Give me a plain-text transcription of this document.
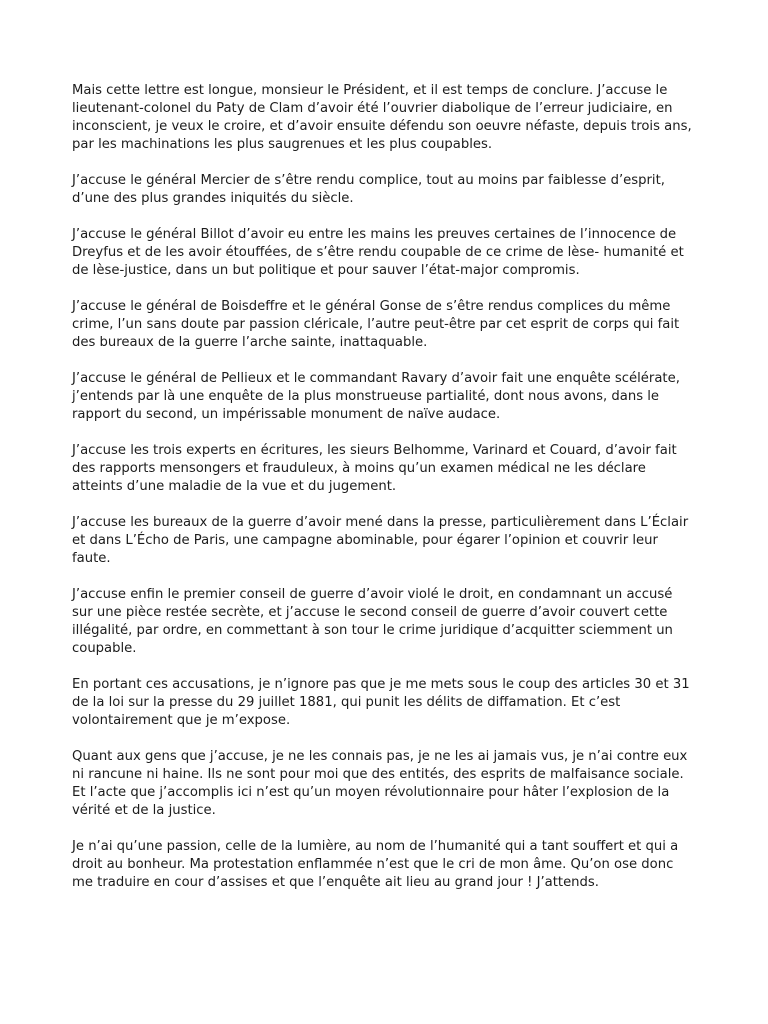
Mais cette lettre est longue, monsieur le Président, et il est temps de conclure. J’accuse le lieutenant-colonel du Paty de Clam d’avoir été l’ouvrier diabolique de l’erreur judiciaire, en inconscient, je veux le croire, et d’avoir ensuite défendu son oeuvre néfaste, depuis trois ans, par les machinations les plus saugrenues et les plus coupables.

J’accuse le général Mercier de s’être rendu complice, tout au moins par faiblesse d’esprit, d’une des plus grandes iniquités du siècle.

J’accuse le général Billot d’avoir eu entre les mains les preuves certaines de l’innocence de Dreyfus et de les avoir étouffées, de s’être rendu coupable de ce crime de lèse- humanité et de lèse-justice, dans un but politique et pour sauver l’état-major compromis.

J’accuse le général de Boisdeffre et le général Gonse de s’être rendus complices du même crime, l’un sans doute par passion cléricale, l’autre peut-être par cet esprit de corps qui fait des bureaux de la guerre l’arche sainte, inattaquable.

J’accuse le général de Pellieux et le commandant Ravary d’avoir fait une enquête scélérate, j’entends par là une enquête de la plus monstrueuse partialité, dont nous avons, dans le rapport du second, un impérissable monument de naïve audace.

J’accuse les trois experts en écritures, les sieurs Belhomme, Varinard et Couard, d’avoir fait des rapports mensongers et frauduleux, à moins qu’un examen médical ne les déclare atteints d’une maladie de la vue et du jugement.

J’accuse les bureaux de la guerre d’avoir mené dans la presse, particulièrement dans L’Éclair et dans L’Écho de Paris, une campagne abominable, pour égarer l’opinion et couvrir leur faute.

J’accuse enfin le premier conseil de guerre d’avoir violé le droit, en condamnant un accusé sur une pièce restée secrète, et j’accuse le second conseil de guerre d’avoir couvert cette illégalité, par ordre, en commettant à son tour le crime juridique d’acquitter sciemment un coupable.

En portant ces accusations, je n’ignore pas que je me mets sous le coup des articles 30 et 31 de la loi sur la presse du 29 juillet 1881, qui punit les délits de diffamation. Et c’est volontairement que je m’expose.

Quant aux gens que j’accuse, je ne les connais pas, je ne les ai jamais vus, je n’ai contre eux ni rancune ni haine. Ils ne sont pour moi que des entités, des esprits de malfaisance sociale. Et l’acte que j’accomplis ici n’est qu’un moyen révolutionnaire pour hâter l’explosion de la vérité et de la justice.

Je n’ai qu’une passion, celle de la lumière, au nom de l’humanité qui a tant souffert et qui a droit au bonheur. Ma protestation enflammée n’est que le cri de mon âme. Qu’on ose donc me traduire en cour d’assises et que l’enquête ait lieu au grand jour ! J’attends.
